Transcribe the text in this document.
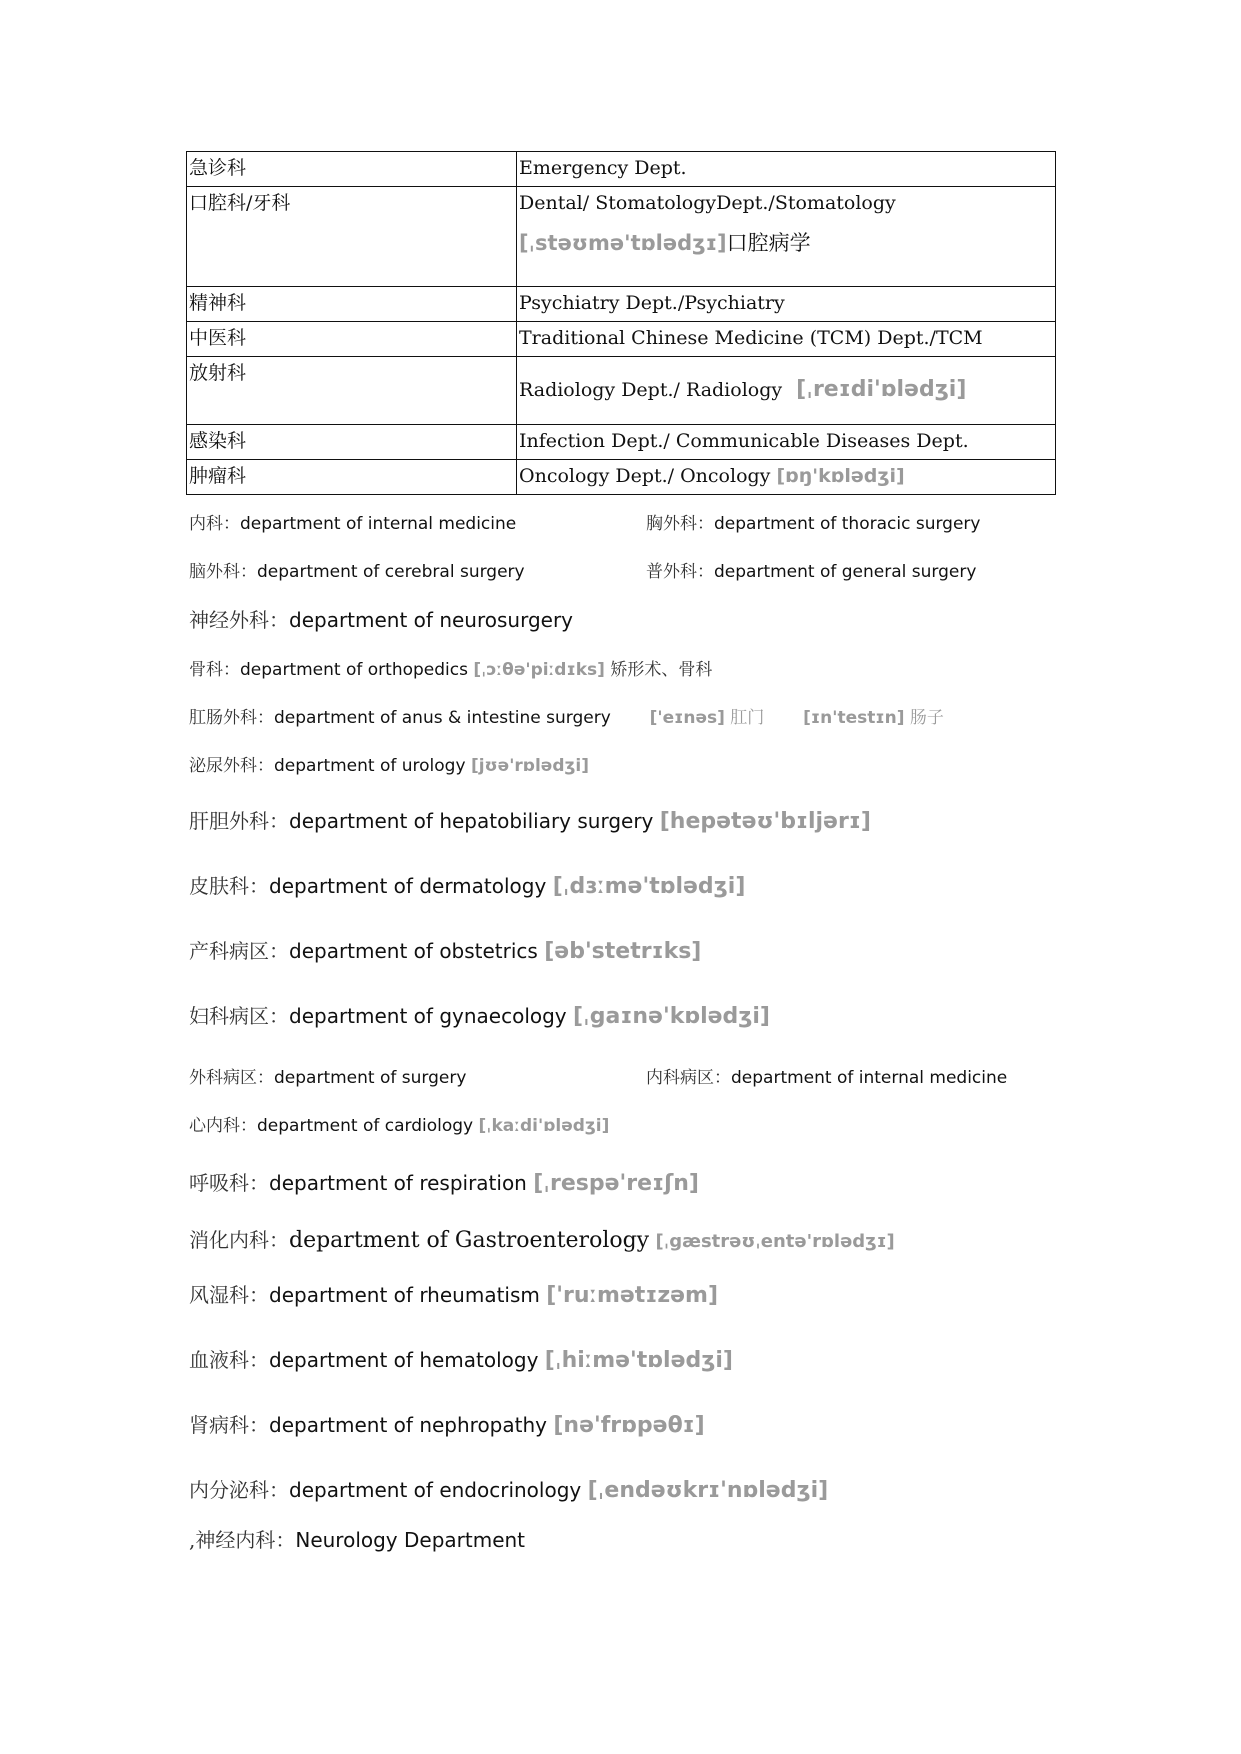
急诊科	Emergency Dept.
口腔科/牙科	Dental/ StomatologyDept./Stomatology
[ˌstəʊmə'tɒlədʒɪ]口腔病学

精神科	Psychiatry Dept./Psychiatry
中医科	Traditional Chinese Medicine (TCM) Dept./TCM
放射科	Radiology Dept./ Radiology [ˌreɪdi'ɒlədʒi]
感染科	Infection Dept./ Communicable Diseases Dept.
肿瘤科	Oncology Dept./ Oncology [ɒŋ'kɒlədʒi]
内科：department of internal medicine	胸外科：department of thoracic surgery
脑外科：department of cerebral surgery	普外科：department of general surgery
神经外科：department of neurosurgery
骨科：department of orthopedics [ˌɔːθə'piːdɪks] 矫形术、骨科
肛肠外科：department of anus & intestine surgery ['eɪnəs] 肛门 [ɪn'testɪn] 肠子
泌尿外科：department of urology [jʊə'rɒlədʒi]
肝胆外科：department of hepatobiliary surgery [hepətəʊ'bɪljərɪ]
皮肤科：department of dermatology [ˌdɜːmə'tɒlədʒi]
产科病区：department of obstetrics [əb'stetrɪks]
妇科病区：department of gynaecology [ˌgaɪnə'kɒlədʒi]
外科病区：department of surgery	内科病区：department of internal medicine
心内科：department of cardiology [ˌkaːdi'ɒlədʒi]
呼吸科：department of respiration [ˌrespə'reɪʃn]
消化内科：department of Gastroenterology [ˌgæstrəʊˌentə'rɒlədʒɪ]
风湿科：department of rheumatism ['ruːmətɪzəm]
血液科：department of hematology [ˌhiːmə'tɒlədʒi]
肾病科：department of nephropathy [nə'frɒpəθɪ]
内分泌科：department of endocrinology [ˌendəʊkrɪ'nɒlədʒi]
,神经内科：Neurology Department
